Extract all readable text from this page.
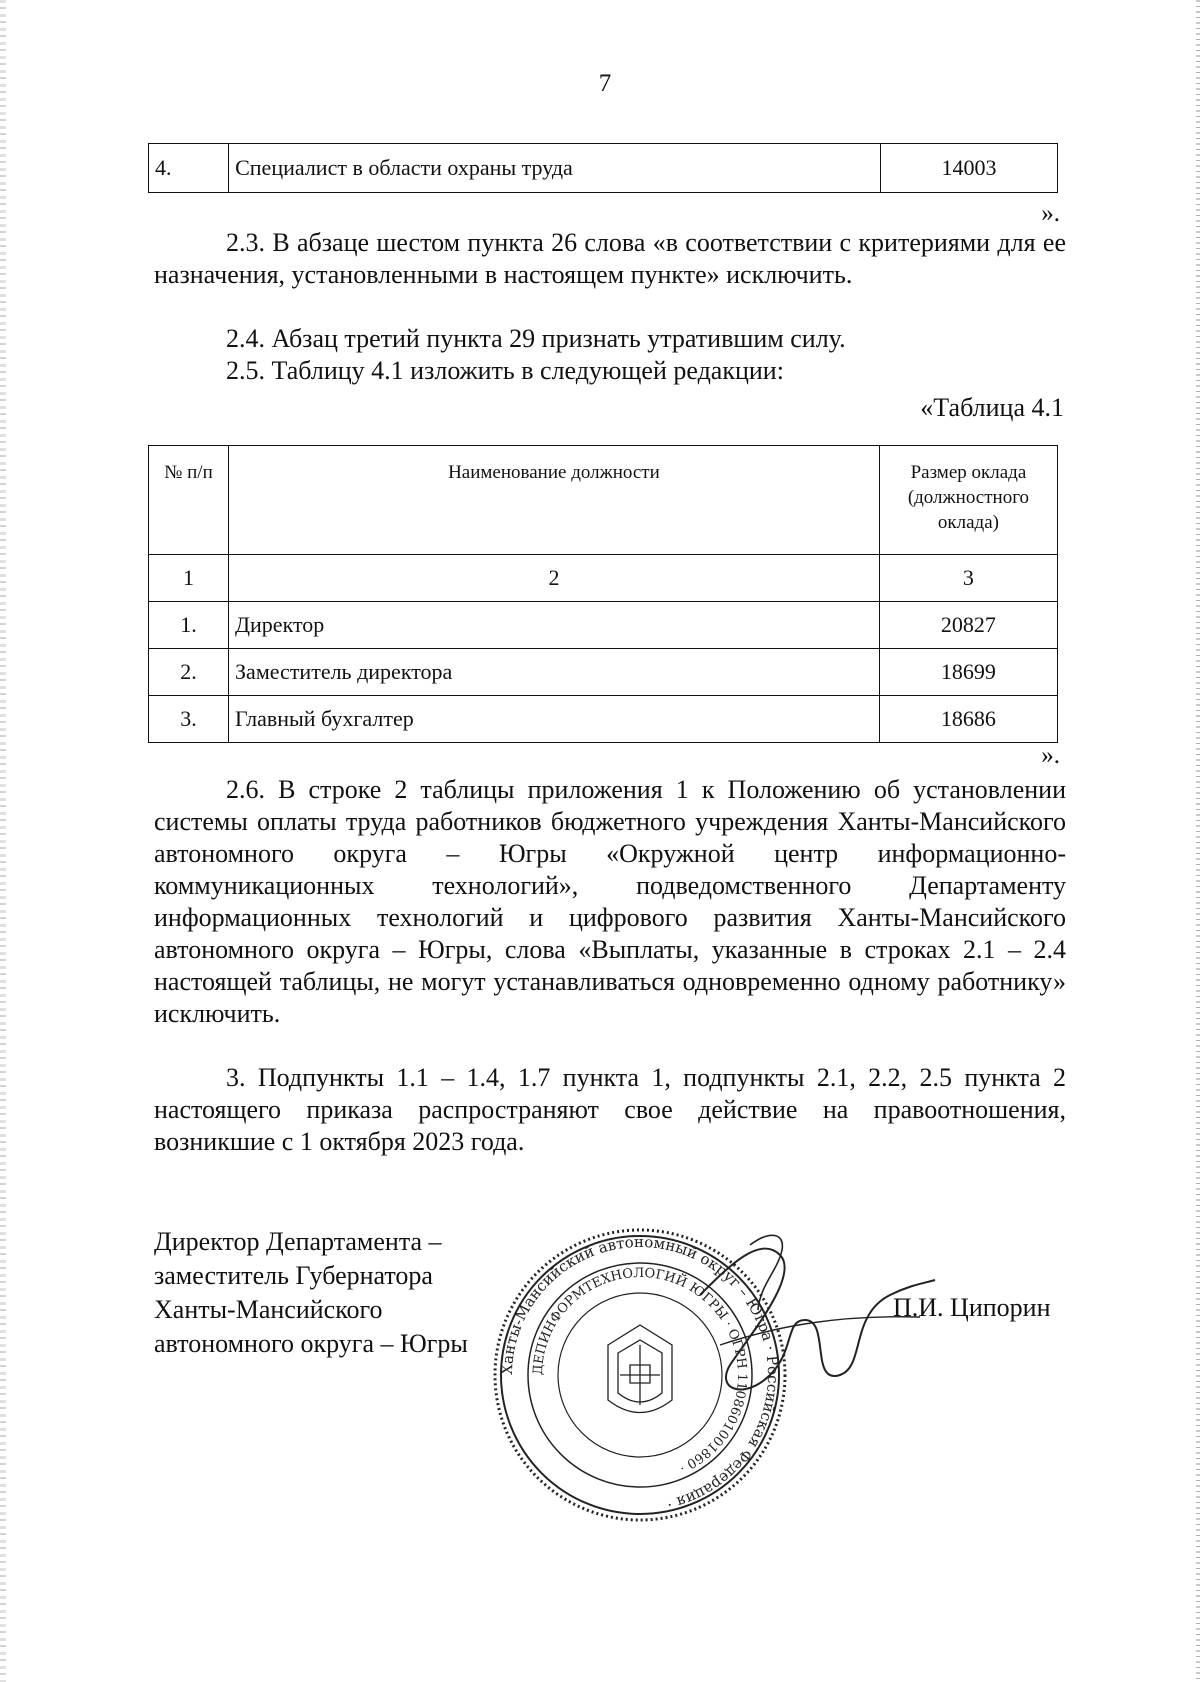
7
4.	Специалист в области охраны труда	14003
».

2.3. В абзаце шестом пункта 26 слова «в соответствии с критериями для ее назначения, установленными в настоящем пункте» исключить.

2.4. Абзац третий пункта 29 признать утратившим силу.

2.5. Таблицу 4.1 изложить в следующей редакции:

«Таблица 4.1
№ п/п	Наименование должности	Размер оклада (должностного оклада)
1	2	3
1.	Директор	20827
2.	Заместитель директора	18699
3.	Главный бухгалтер	18686
».

2.6. В строке 2 таблицы приложения 1 к Положению об установлении системы оплаты труда работников бюджетного учреждения Ханты-Мансийского автономного округа – Югры «Окружной центр информационно-коммуникационных технологий», подведомственного Департаменту информационных технологий и цифрового развития Ханты-Мансийского автономного округа – Югры, слова «Выплаты, указанные в строках 2.1 – 2.4 настоящей таблицы, не могут устанавливаться одновременно одному работнику» исключить.

3. Подпункты 1.1 – 1.4, 1.7 пункта 1, подпункты 2.1, 2.2, 2.5 пункта 2 настоящего приказа распространяют свое действие на правоотношения, возникшие с 1 октября 2023 года.

Директор Департамента –
заместитель Губернатора
Ханты-Мансийского
автономного округа – Югры
Ханты-Мансийский автономный округ – Югра · Российская Федерация ·
ДЕПИНФОРМТЕХНОЛОГИЙ ЮГРЫ · ОГРН 1108601001860 ·
П.И. Ципорин
